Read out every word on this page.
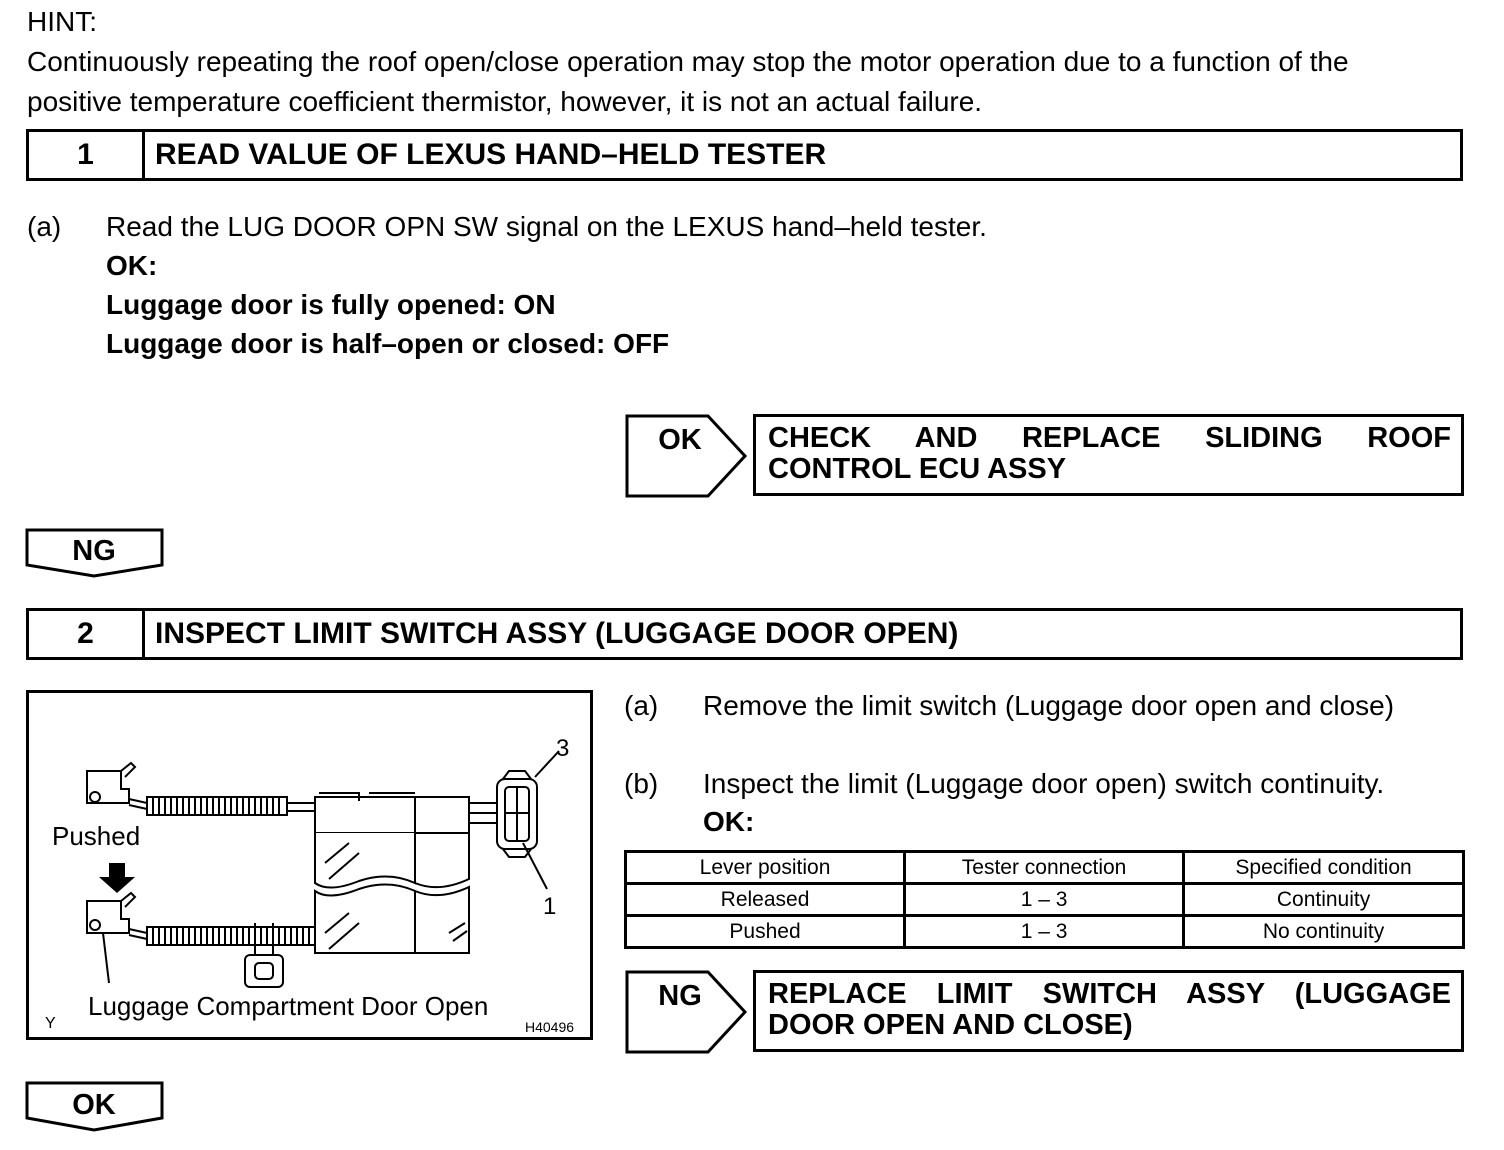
HINT:
Continuously repeating the roof open/close operation may stop the motor operation due to a function of the
positive temperature coefficient thermistor, however, it is not an actual failure.
1	READ VALUE OF LEXUS HAND–HELD TESTER
(a) Read the LUG DOOR OPN SW signal on the LEXUS hand–held tester.
OK:
Luggage door is fully opened: ON
Luggage door is half–open or closed: OFF
OK	CHECK AND REPLACE SLIDING ROOF CONTROL ECU ASSY
NG
2	INSPECT LIMIT SWITCH ASSY (LUGGAGE DOOR OPEN)
Pushed
3
1
Luggage Compartment Door Open
Y	H40496
(a) Remove the limit switch (Luggage door open and close)
(b) Inspect the limit (Luggage door open) switch continuity.
OK:
Lever position	Tester connection	Specified condition
Released	1 – 3	Continuity
Pushed	1 – 3	No continuity
NG	REPLACE LIMIT SWITCH ASSY (LUGGAGE DOOR OPEN AND CLOSE)
OK
